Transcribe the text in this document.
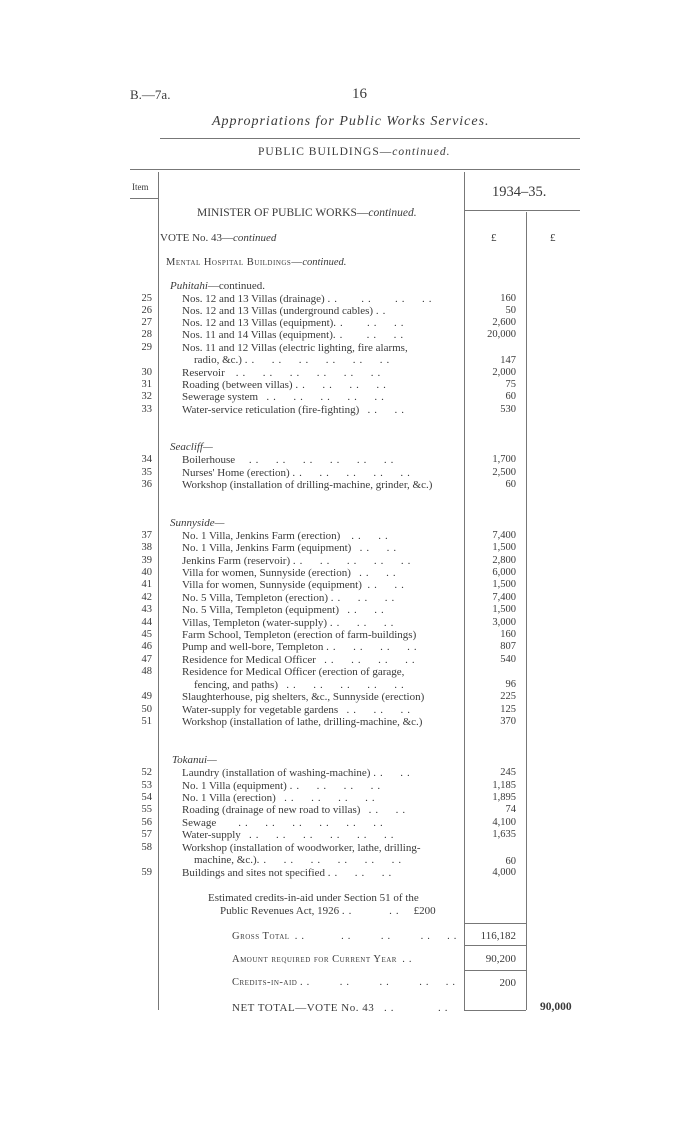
B.—7a.	16
Appropriations for Public Works Services.
PUBLIC BUILDINGS—continued.
Item	1934–35.
MINISTER OF PUBLIC WORKS—continued.
VOTE No. 43—continued	£	£
Mental Hospital Buildings—continued.
Puhitahi—continued.
25	Nos. 12 and 13 Villas (drainage) ..   ..   ..  ..	160
26	Nos. 12 and 13 Villas (underground cables) ..	50
27	Nos. 12 and 13 Villas (equipment)..   ..  ..	2,600
28	Nos. 11 and 14 Villas (equipment)..   ..  ..	20,000
29	Nos. 11 and 12 Villas (electric lighting, fire alarms,
radio, &c.) ..  ..  ..  ..  ..  ..	147
30	Reservoir ..  ..  ..  ..  ..  ..	2,000
31	Roading (between villas) ..  ..  ..  ..	75
32	Sewerage system ..  ..  ..  ..  ..	60
33	Water-service reticulation (fire-fighting) ..  ..	530
Seacliff—
34	Boilerhouse ..  ..  ..  ..  ..  ..	1,700
35	Nurses' Home (erection) ..  ..  ..  ..  ..	2,500
36	Workshop (installation of drilling-machine, grinder, &c.)	60
Sunnyside—
37	No. 1 Villa, Jenkins Farm (erection) ..  ..	7,400
38	No. 1 Villa, Jenkins Farm (equipment) ..  ..	1,500
39	Jenkins Farm (reservoir) ..  ..  ..  ..  ..	2,800
40	Villa for women, Sunnyside (erection) ..  ..	6,000
41	Villa for women, Sunnyside (equipment) ..  ..	1,500
42	No. 5 Villa, Templeton (erection) ..  ..  ..	7,400
43	No. 5 Villa, Templeton (equipment) ..  ..	1,500
44	Villas, Templeton (water-supply) ..  ..  ..	3,000
45	Farm School, Templeton (erection of farm-buildings)	160
46	Pump and well-bore, Templeton ..  ..  ..  ..	807
47	Residence for Medical Officer ..  ..  ..  ..	540
48	Residence for Medical Officer (erection of garage,
fencing, and paths) ..  ..  ..  ..  ..	96
49	Slaughterhouse, pig shelters, &c., Sunnyside (erection)	225
50	Water-supply for vegetable gardens ..  ..  ..	125
51	Workshop (installation of lathe, drilling-machine, &c.)	370
Tokanui—
52	Laundry (installation of washing-machine) ..  ..	245
53	No. 1 Villa (equipment) ..  ..  ..  ..	1,185
54	No. 1 Villa (erection) ..  ..  ..  ..	1,895
55	Roading (drainage of new road to villas) ..  ..	74
56	Sewage ..  ..  ..  ..  ..  ..	4,100
57	Water-supply ..  ..  ..  ..  ..  ..	1,635
58	Workshop (installation of woodworker, lathe, drilling-
machine, &c.)..  ..  ..  ..  ..  ..	60
59	Buildings and sites not specified ..  ..  ..	4,000
Estimated credits-in-aid under Section 51 of the
Public Revenues Act, 1926 ..     .. £200
Gross Total ..     ..    ..    ..  ..	116,182
Amount required for Current Year ..	90,200
Credits-in-aid ..    ..    ..    ..  ..	200
NET TOTAL—VOTE No. 43 ..      ..	90,000
